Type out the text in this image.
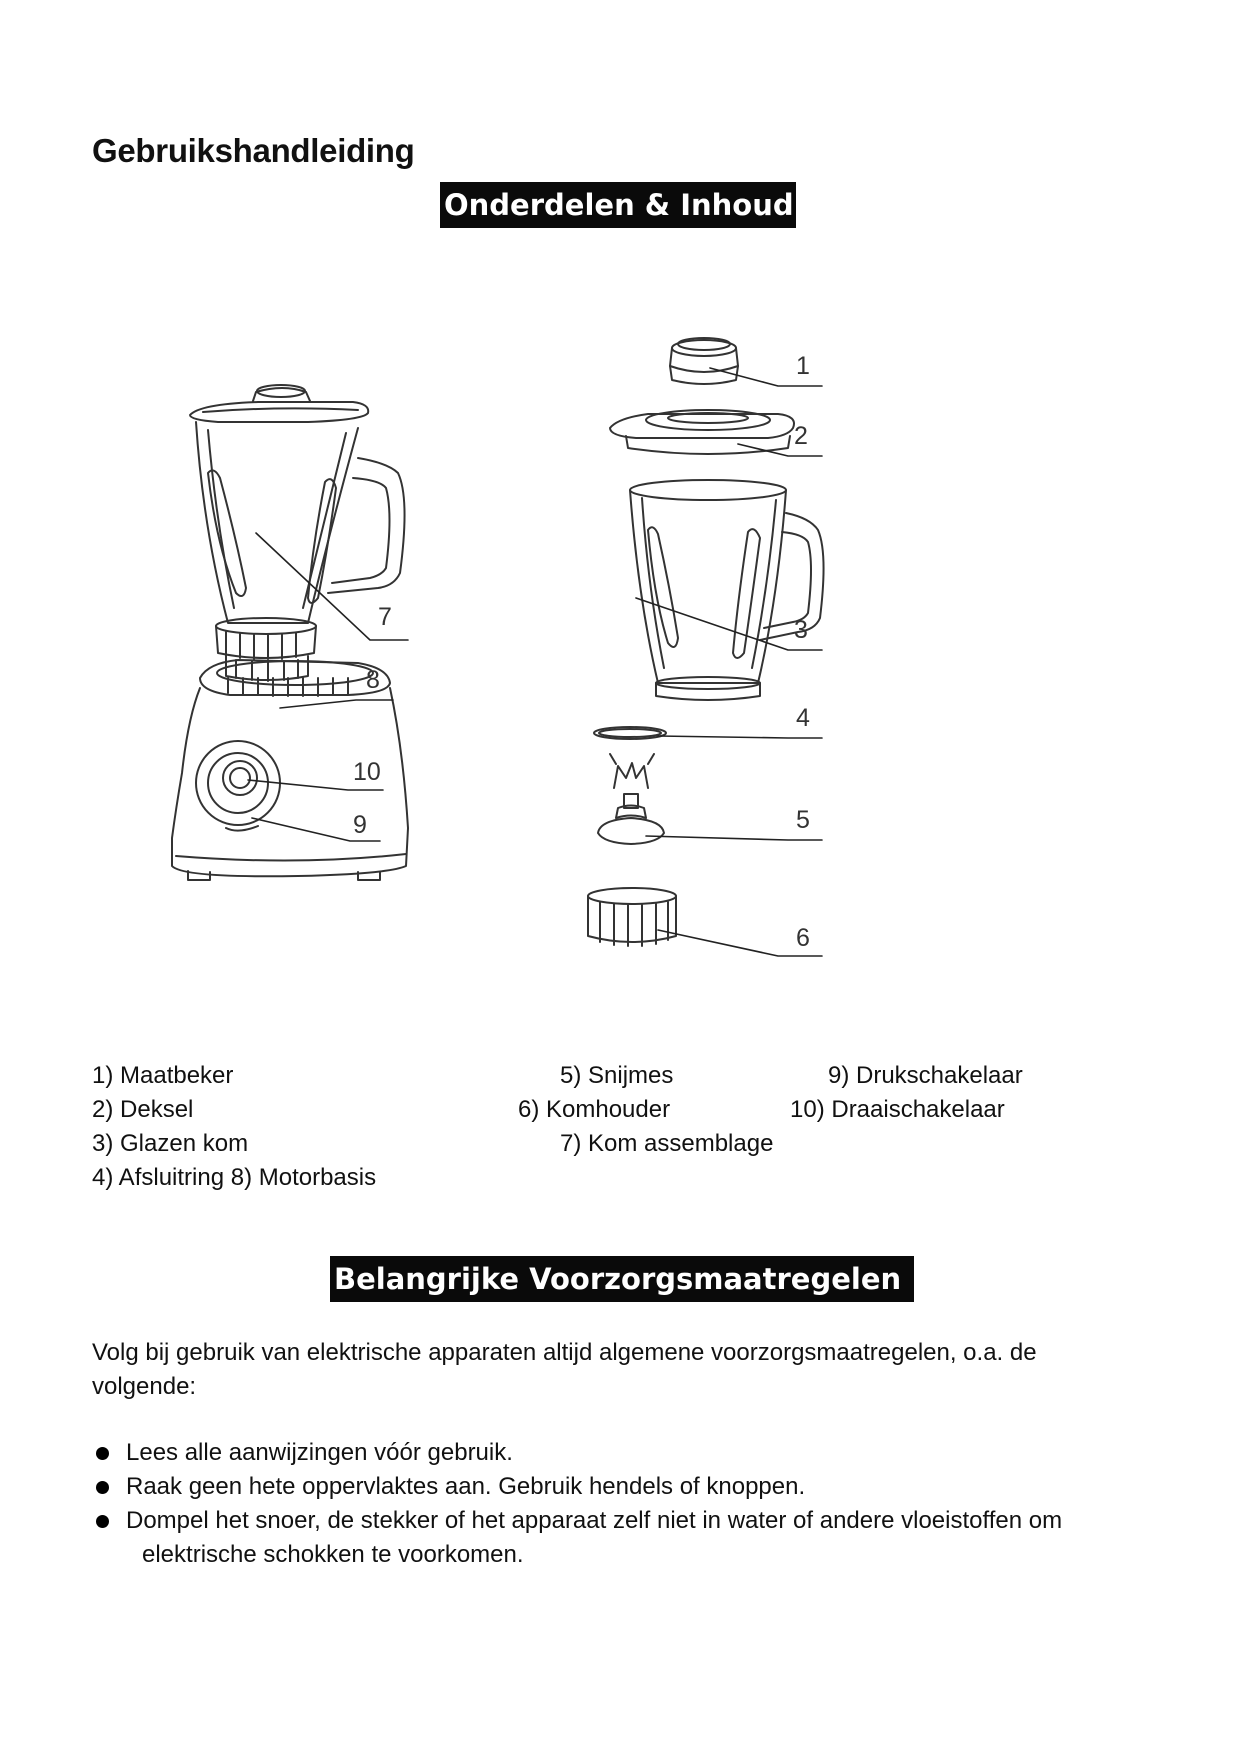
Gebruikshandleiding
Onderdelen & Inhoud
1
2
3
4
5
6
7
8
9
10
1) Maatbeker
2) Deksel
3) Glazen kom
4) Afsluitring 8) Motorbasis
5) Snijmes
6) Komhouder
7) Kom assemblage
9) Drukschakelaar
10) Draaischakelaar
Belangrijke Voorzorgsmaatregelen
Volg bij gebruik van elektrische apparaten altijd algemene voorzorgsmaatregelen, o.a. de volgende:
Lees alle aanwijzingen vóór gebruik.
Raak geen hete oppervlaktes aan. Gebruik hendels of knoppen.
Dompel het snoer, de stekker of het apparaat zelf niet in water of andere vloeistoffen om
elektrische schokken te voorkomen.
